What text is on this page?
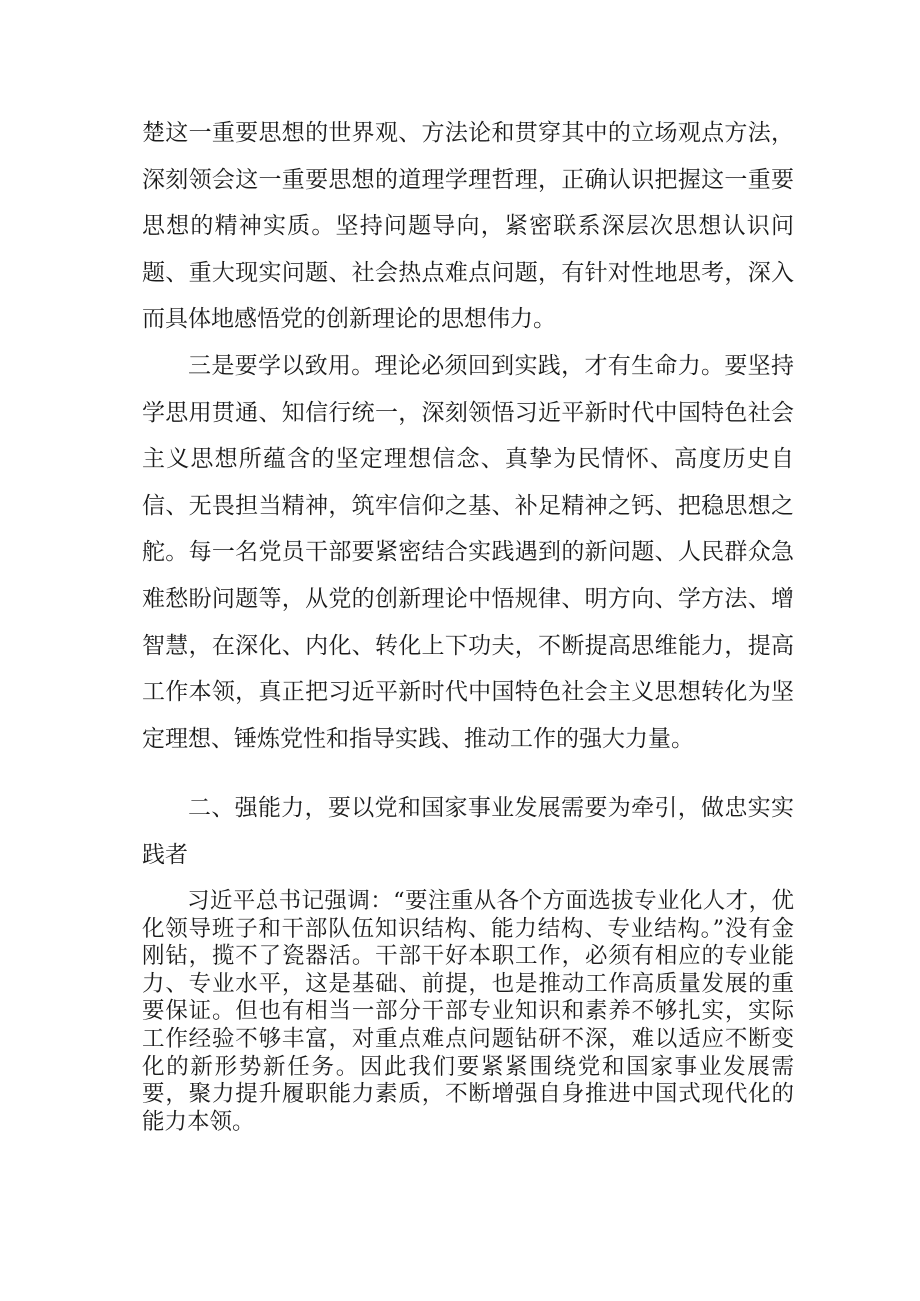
楚这一重要思想的世界观、方法论和贯穿其中的立场观点方法，深刻领会这一重要思想的道理学理哲理，正确认识把握这一重要思想的精神实质。坚持问题导向，紧密联系深层次思想认识问题、重大现实问题、社会热点难点问题，有针对性地思考，深入而具体地感悟党的创新理论的思想伟力。

三是要学以致用。理论必须回到实践，才有生命力。要坚持学思用贯通、知信行统一，深刻领悟习近平新时代中国特色社会主义思想所蕴含的坚定理想信念、真挚为民情怀、高度历史自信、无畏担当精神，筑牢信仰之基、补足精神之钙、把稳思想之舵。每一名党员干部要紧密结合实践遇到的新问题、人民群众急难愁盼问题等，从党的创新理论中悟规律、明方向、学方法、增智慧，在深化、内化、转化上下功夫，不断提高思维能力，提高工作本领，真正把习近平新时代中国特色社会主义思想转化为坚定理想、锤炼党性和指导实践、推动工作的强大力量。

二、强能力，要以党和国家事业发展需要为牵引，做忠实实践者

习近平总书记强调：“要注重从各个方面选拔专业化人才，优化领导班子和干部队伍知识结构、能力结构、专业结构。”没有金刚钻，揽不了瓷器活。干部干好本职工作，必须有相应的专业能力、专业水平，这是基础、前提，也是推动工作高质量发展的重要保证。但也有相当一部分干部专业知识和素养不够扎实，实际工作经验不够丰富，对重点难点问题钻研不深，难以适应不断变化的新形势新任务。因此我们要紧紧围绕党和国家事业发展需要，聚力提升履职能力素质，不断增强自身推进中国式现代化的能力本领。
